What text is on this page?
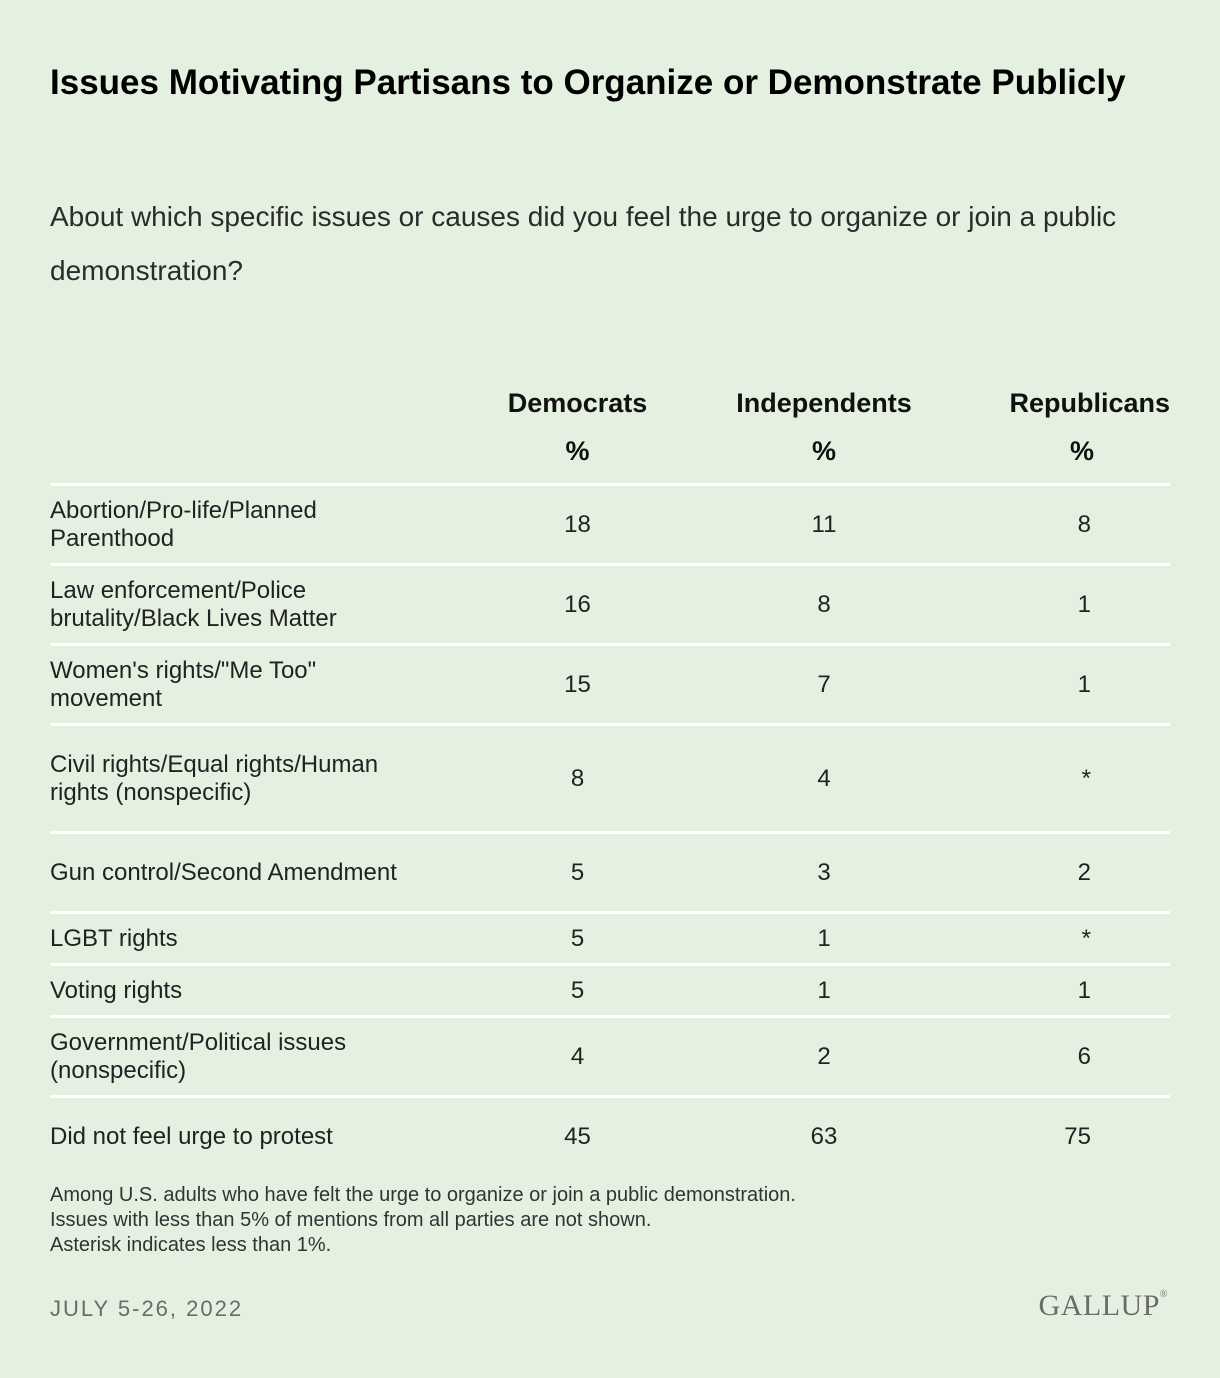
Issues Motivating Partisans to Organize or Demonstrate Publicly

About which specific issues or causes did you feel the urge to organize or join a public demonstration?

	Democrats	Independents	Republicans
	%	%	%
Abortion/Pro-life/Planned Parenthood	18	11	8
Law enforcement/Police brutality/Black Lives Matter	16	8	1
Women's rights/"Me Too" movement	15	7	1
Civil rights/Equal rights/Human rights (nonspecific)	8	4	*
Gun control/Second Amendment	5	3	2
LGBT rights	5	1	*
Voting rights	5	1	1
Government/Political issues (nonspecific)	4	2	6
Did not feel urge to protest	45	63	75
Among U.S. adults who have felt the urge to organize or join a public demonstration.
Issues with less than 5% of mentions from all parties are not shown.
Asterisk indicates less than 1%.
JULY 5-26, 2022	GALLUP®
